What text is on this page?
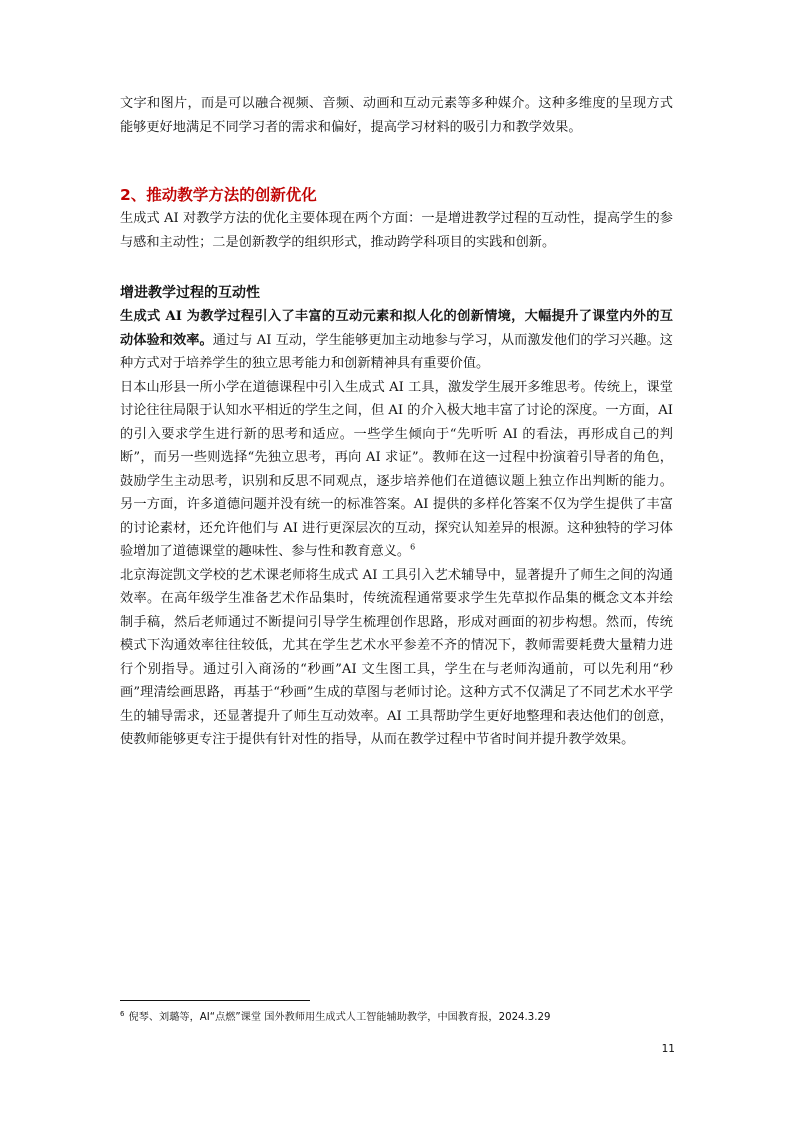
文字和图片，而是可以融合视频、音频、动画和互动元素等多种媒介。这种多维度的呈现方式能够更好地满足不同学习者的需求和偏好，提高学习材料的吸引力和教学效果。

2、推动教学方法的创新优化

生成式 AI 对教学方法的优化主要体现在两个方面：一是增进教学过程的互动性，提高学生的参与感和主动性；二是创新教学的组织形式，推动跨学科项目的实践和创新。

增进教学过程的互动性

生成式 AI 为教学过程引入了丰富的互动元素和拟人化的创新情境，大幅提升了课堂内外的互动体验和效率。通过与 AI 互动，学生能够更加主动地参与学习，从而激发他们的学习兴趣。这种方式对于培养学生的独立思考能力和创新精神具有重要价值。

日本山形县一所小学在道德课程中引入生成式 AI 工具，激发学生展开多维思考。传统上，课堂讨论往往局限于认知水平相近的学生之间，但 AI 的介入极大地丰富了讨论的深度。一方面，AI 的引入要求学生进行新的思考和适应。一些学生倾向于“先听听 AI 的看法，再形成自己的判断”，而另一些则选择“先独立思考，再向 AI 求证”。教师在这一过程中扮演着引导者的角色，鼓励学生主动思考，识别和反思不同观点，逐步培养他们在道德议题上独立作出判断的能力。另一方面，许多道德问题并没有统一的标准答案。AI 提供的多样化答案不仅为学生提供了丰富的讨论素材，还允许他们与 AI 进行更深层次的互动，探究认知差异的根源。这种独特的学习体验增加了道德课堂的趣味性、参与性和教育意义。$^6$

北京海淀凯文学校的艺术课老师将生成式 AI 工具引入艺术辅导中，显著提升了师生之间的沟通效率。在高年级学生准备艺术作品集时，传统流程通常要求学生先草拟作品集的概念文本并绘制手稿，然后老师通过不断提问引导学生梳理创作思路，形成对画面的初步构想。然而，传统模式下沟通效率往往较低，尤其在学生艺术水平参差不齐的情况下，教师需要耗费大量精力进行个别指导。通过引入商汤的“秒画”AI 文生图工具，学生在与老师沟通前，可以先利用“秒画”理清绘画思路，再基于“秒画”生成的草图与老师讨论。这种方式不仅满足了不同艺术水平学生的辅导需求，还显著提升了师生互动效率。AI 工具帮助学生更好地整理和表达他们的创意，使教师能够更专注于提供有针对性的指导，从而在教学过程中节省时间并提升教学效果。

$^6$ 倪琴、刘璐等，AI“点燃”课堂 国外教师用生成式人工智能辅助教学，中国教育报，2024.3.29
11
